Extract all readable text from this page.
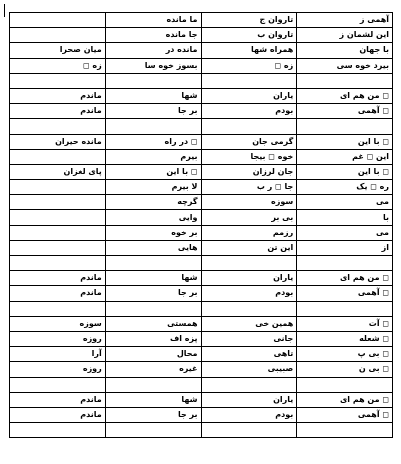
آهمی ز	تاروان ج	ما مانده	
این لشمان ز	تاروان ب	جا مانده	
با جهان	همراه شها	مانده در	میان صحرا
بیرد خوه سی	زه ◻	بسوز خوه سا	زه ◻

◻ من هم ای	یاران	شها	ماندم
◻ آهمی	بودم	بر جا	ماندم

◻ با این	گرمی جان	◻ در راه	مانده حیران
این ◻ غم	خوه ◻ بیجا	بیرم	
◻ با این	جان لرزان	◻ با این	پای لغزان
ره ◻ یک	جا ◻ ر ب	لا بیرم	
می	سوزه	گرچه	
با	بی بر	وایی	
می	رزمم	بر خوه	
از	این تن	هایی	

◻ من هم ای	یاران	شها	ماندم
◻ آهمی	بودم	بر جا	ماندم

◻ آت	همین خی	همستی	سوزه
◻ شعله	جانی	پزه اف	روزه
◻ بی پ	تاهی	محال	آرا
◻ بی ن	صبیبی	غیره	روزه

◻ من هم ای	یاران	شها	ماندم
◻ آهمی	بودم	بر جا	ماندم
